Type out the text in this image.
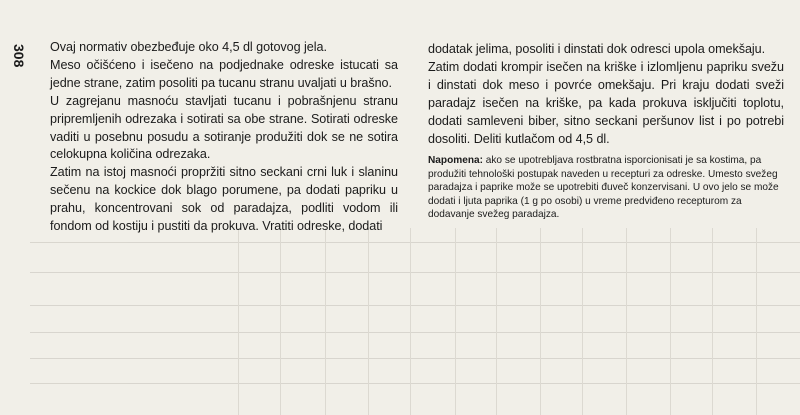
308 Ovaj normativ obezbeđuje oko 4,5 dl gotovog jela.

Meso očišćeno i isečeno na podjednake odreske istucati sa jedne strane, zatim posoliti pa tucanu stranu uvaljati u brašno.

U zagrejanu masnoću stavljati tucanu i pobrašnjenu stranu pripremljenih odrezaka i sotirati sa obe strane. Sotirati odreske vaditi u posebnu posudu a sotiranje produžiti dok se ne sotira celokupna količina odrezaka.

Zatim na istoj masnoći propržiti sitno seckani crni luk i slaninu sečenu na kockice dok blago porumene, pa dodati papriku u prahu, koncentrovani sok od paradajza, podliti vodom ili fondom od kostiju i pustiti da prokuva. Vratiti odreske, dodati

dodatak jelima, posoliti i dinstati dok odresci upola omekšaju.

Zatim dodati krompir isečen na kriške i izlomljenu papriku svežu i dinstati dok meso i povrće omekšaju. Pri kraju dodati sveži paradajz isečen na kriške, pa kada prokuva isključiti toplotu, dodati samleveni biber, sitno seckani peršunov list i po potrebi dosoliti. Deliti kutlačom od 4,5 dl.

Napomena: ako se upotrebljava rostbratna isporcionisati je sa kostima, pa produžiti tehnološki postupak naveden u recepturi za odreske. Umesto svežeg paradajza i paprike može se upotrebiti đuveč konzervisani. U ovo jelo se može dodati i ljuta paprika (1 g po osobi) u vreme predviđeno recepturom za dodavanje svežeg paradajza.
